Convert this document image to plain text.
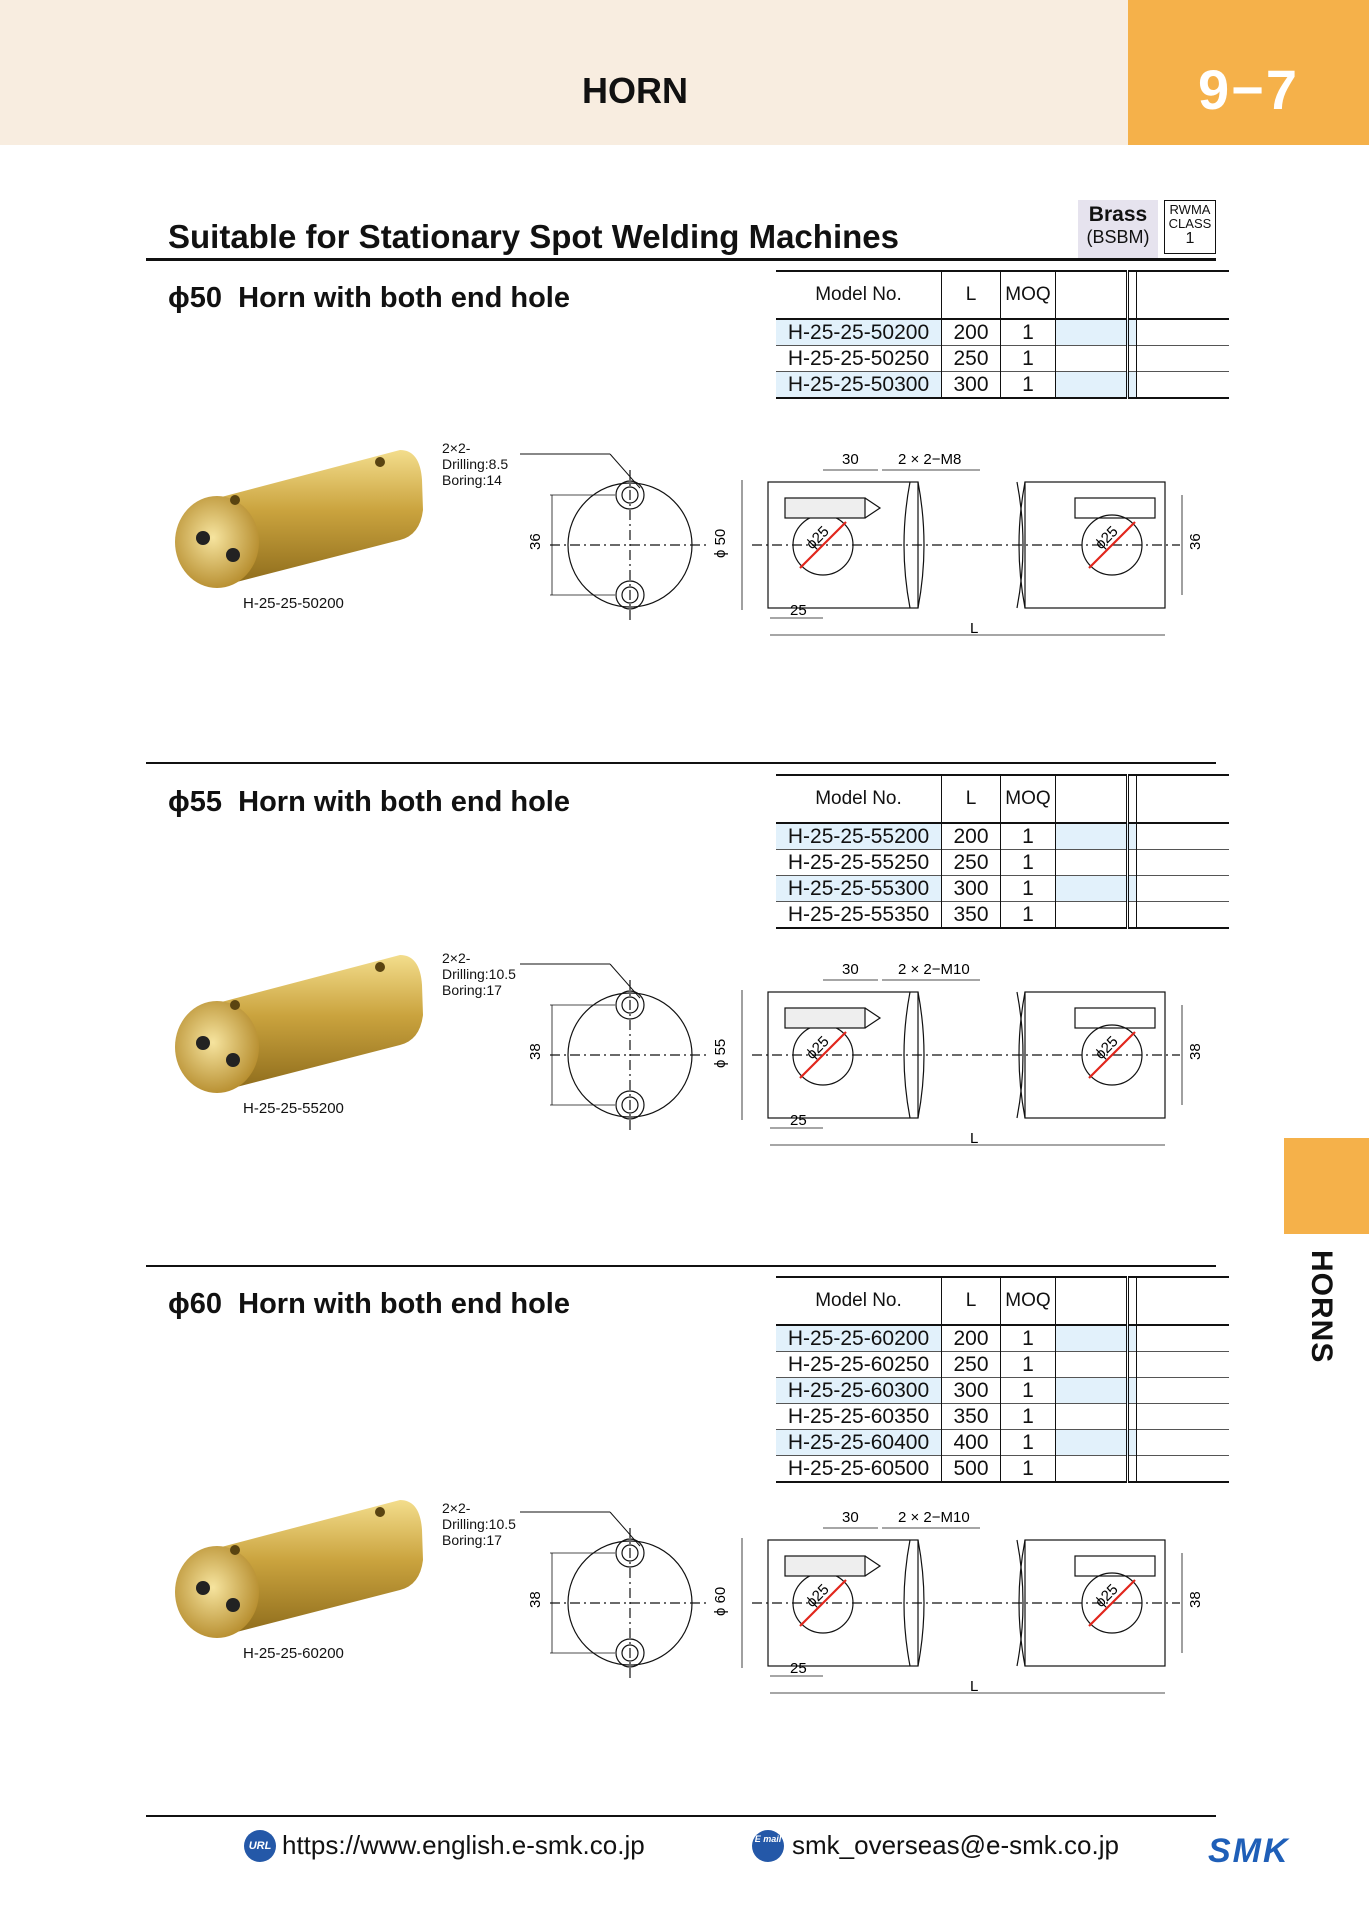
HORN	9−7
Suitable for Stationary Spot Welding Machines
Brass
(BSBM)
RWMA
CLASS
1
ϕ50 Horn with both end hole	Model No.	L	MOQ			
H-25-25-50200	200	1			
H-25-25-50250	250	1			
H-25-25-50300	300	1			
H-25-25-50200
2×2-
Drilling:8.5
Boring:14
36	ϕ 50
30	2 × 2−M8
25
L
ϕ25	ϕ25	36
ϕ55 Horn with both end hole	Model No.	L	MOQ			
H-25-25-55200	200	1			
H-25-25-55250	250	1			
H-25-25-55300	300	1			
H-25-25-55350	350	1			
H-25-25-55200
2×2-
Drilling:10.5
Boring:17
38	ϕ 55
30	2 × 2−M10
25
L
ϕ25	ϕ25	38
ϕ60 Horn with both end hole	Model No.	L	MOQ			
H-25-25-60200	200	1			
H-25-25-60250	250	1			
H-25-25-60300	300	1			
H-25-25-60350	350	1			
H-25-25-60400	400	1			
H-25-25-60500	500	1			
H-25-25-60200
2×2-
Drilling:10.5
Boring:17
38	ϕ 60
30	2 × 2−M10
25
L
ϕ25	ϕ25	38
HORNS
URL https://www.english.e-smk.co.jp	E mail smk_overseas@e-smk.co.jp	SMK
